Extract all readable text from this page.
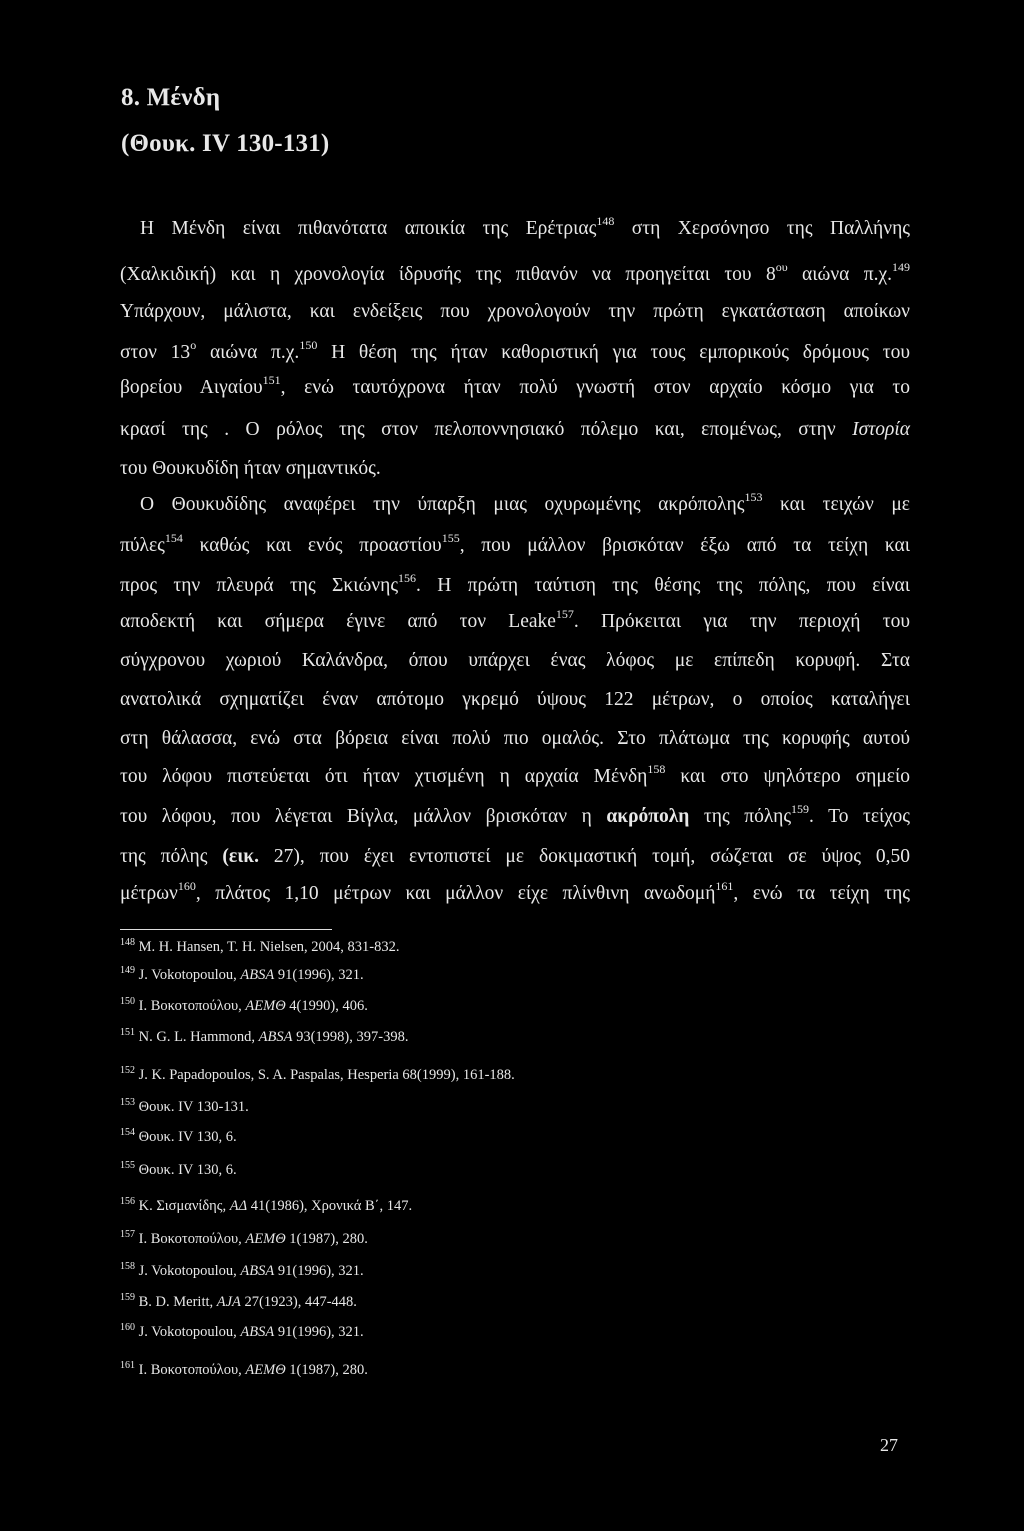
8. Μένδη
(Θουκ. IV 130-131)
Η Μένδη είναι πιθανότατα αποικία της Ερέτριας$^{148}$ στη Χερσόνησο της Παλλήνης
(Χαλκιδική) και η χρονολογία ίδρυσής της πιθανόν να προηγείται του $8^{o\upsilon}$ αιώνα π.χ.$^{149}$
Υπάρχουν, μάλιστα, και ενδείξεις που χρονολογούν την πρώτη εγκατάσταση αποίκων
στον $13^o$ αιώνα π.χ.$^{150}$ Η θέση της ήταν καθοριστική για τους εμπορικούς δρόμους του
βορείου Αιγαίου$^{151}$, ενώ ταυτόχρονα ήταν πολύ γνωστή στον αρχαίο κόσμο για το
κρασί της . Ο ρόλος της στον πελοποννησιακό πόλεμο και, επομένως, στην Ιστορία
του Θουκυδίδη ήταν σημαντικός.
Ο Θουκυδίδης αναφέρει την ύπαρξη μιας οχυρωμένης ακρόπολης$^{153}$ και τειχών με
πύλες$^{154}$ καθώς και ενός προαστίου$^{155}$, που μάλλον βρισκόταν έξω από τα τείχη και
προς την πλευρά της Σκιώνης$^{156}$. Η πρώτη ταύτιση της θέσης της πόλης, που είναι
αποδεκτή και σήμερα έγινε από τον Leake$^{157}$. Πρόκειται για την περιοχή του
σύγχρονου χωριού Καλάνδρα, όπου υπάρχει ένας λόφος με επίπεδη κορυφή. Στα
ανατολικά σχηματίζει έναν απότομο γκρεμό ύψους 122 μέτρων, ο οποίος καταλήγει
στη θάλασσα, ενώ στα βόρεια είναι πολύ πιο ομαλός. Στο πλάτωμα της κορυφής αυτού
του λόφου πιστεύεται ότι ήταν χτισμένη η αρχαία Μένδη$^{158}$ και στο ψηλότερο σημείο
του λόφου, που λέγεται Βίγλα, μάλλον βρισκόταν η ακρόπολη της πόλης$^{159}$. Το τείχος
της πόλης (εικ. 27), που έχει εντοπιστεί με δοκιμαστική τομή, σώζεται σε ύψος 0,50
μέτρων$^{160}$, πλάτος 1,10 μέτρων και μάλλον είχε πλίνθινη ανωδομή$^{161}$, ενώ τα τείχη της
$^{148}$ M. H. Hansen, T. H. Nielsen, 2004, 831-832.
$^{149}$ J. Vokotopoulou, ABSA 91(1996), 321.
$^{150}$ Ι. Βοκοτοπούλου, ΑΕΜΘ 4(1990), 406.
$^{151}$ N. G. L. Hammond, ABSA 93(1998), 397-398.
$^{152}$ J. K. Papadopoulos, S. A. Paspalas, Hesperia 68(1999), 161-188.
$^{153}$ Θουκ. IV 130-131.
$^{154}$ Θουκ. IV 130, 6.
$^{155}$ Θουκ. IV 130, 6.
$^{156}$ Κ. Σισμανίδης, ΑΔ 41(1986), Χρονικά Β΄, 147.
$^{157}$ Ι. Βοκοτοπούλου, ΑΕΜΘ 1(1987), 280.
$^{158}$ J. Vokotopoulou, ABSA 91(1996), 321.
$^{159}$ B. D. Meritt, AJA 27(1923), 447-448.
$^{160}$ J. Vokotopoulou, ABSA 91(1996), 321.
$^{161}$ Ι. Βοκοτοπούλου, ΑΕΜΘ 1(1987), 280.
27
